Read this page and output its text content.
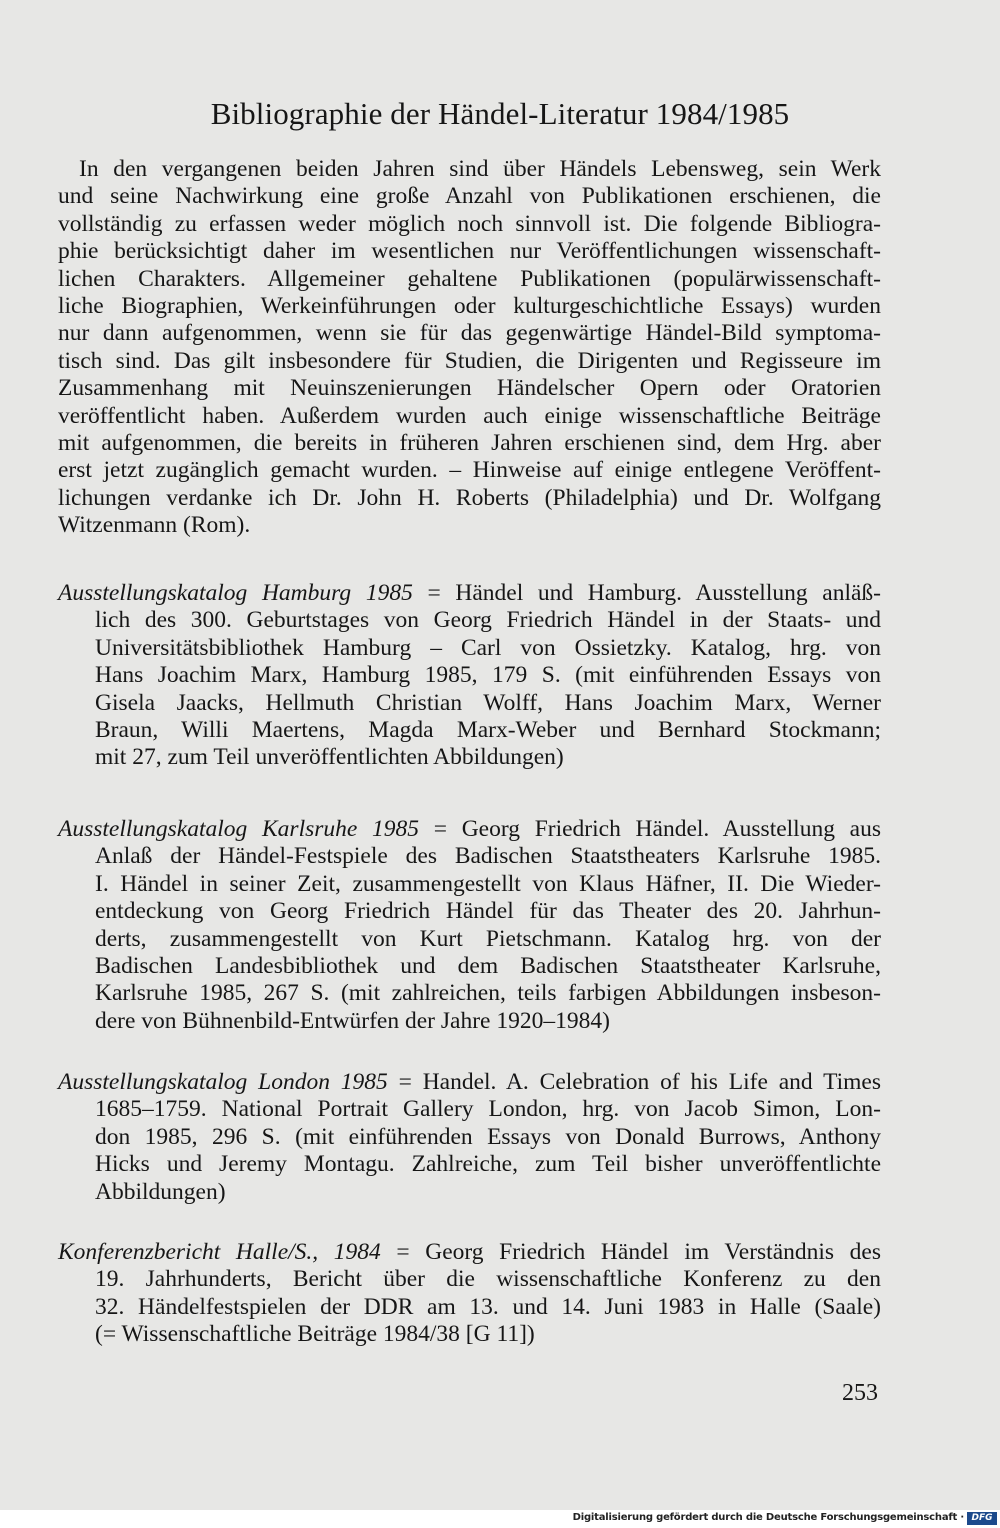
Bibliographie der Händel-Literatur 1984/1985
In den vergangenen beiden Jahren sind über Händels Lebensweg, sein Werk
und seine Nachwirkung eine große Anzahl von Publikationen erschienen, die
vollständig zu erfassen weder möglich noch sinnvoll ist. Die folgende Bibliogra-
phie berücksichtigt daher im wesentlichen nur Veröffentlichungen wissenschaft-
lichen Charakters. Allgemeiner gehaltene Publikationen (populärwissenschaft-
liche Biographien, Werkeinführungen oder kulturgeschichtliche Essays) wurden
nur dann aufgenommen, wenn sie für das gegenwärtige Händel-Bild symptoma-
tisch sind. Das gilt insbesondere für Studien, die Dirigenten und Regisseure im
Zusammenhang mit Neuinszenierungen Händelscher Opern oder Oratorien
veröffentlicht haben. Außerdem wurden auch einige wissenschaftliche Beiträge
mit aufgenommen, die bereits in früheren Jahren erschienen sind, dem Hrg. aber
erst jetzt zugänglich gemacht wurden. – Hinweise auf einige entlegene Veröffent-
lichungen verdanke ich Dr. John H. Roberts (Philadelphia) und Dr. Wolfgang
Witzenmann (Rom).
Ausstellungskatalog Hamburg 1985 = Händel und Hamburg. Ausstellung anläß-
lich des 300. Geburtstages von Georg Friedrich Händel in der Staats- und
Universitätsbibliothek Hamburg – Carl von Ossietzky. Katalog, hrg. von
Hans Joachim Marx, Hamburg 1985, 179 S. (mit einführenden Essays von
Gisela Jaacks, Hellmuth Christian Wolff, Hans Joachim Marx, Werner
Braun, Willi Maertens, Magda Marx-Weber und Bernhard Stockmann;
mit 27, zum Teil unveröffentlichten Abbildungen)
Ausstellungskatalog Karlsruhe 1985 = Georg Friedrich Händel. Ausstellung aus
Anlaß der Händel-Festspiele des Badischen Staatstheaters Karlsruhe 1985.
I. Händel in seiner Zeit, zusammengestellt von Klaus Häfner, II. Die Wieder-
entdeckung von Georg Friedrich Händel für das Theater des 20. Jahrhun-
derts, zusammengestellt von Kurt Pietschmann. Katalog hrg. von der
Badischen Landesbibliothek und dem Badischen Staatstheater Karlsruhe,
Karlsruhe 1985, 267 S. (mit zahlreichen, teils farbigen Abbildungen insbeson-
dere von Bühnenbild-Entwürfen der Jahre 1920–1984)
Ausstellungskatalog London 1985 = Handel. A. Celebration of his Life and Times
1685–1759. National Portrait Gallery London, hrg. von Jacob Simon, Lon-
don 1985, 296 S. (mit einführenden Essays von Donald Burrows, Anthony
Hicks und Jeremy Montagu. Zahlreiche, zum Teil bisher unveröffentlichte
Abbildungen)
Konferenzbericht Halle/S., 1984 = Georg Friedrich Händel im Verständnis des
19. Jahrhunderts, Bericht über die wissenschaftliche Konferenz zu den
32. Händelfestspielen der DDR am 13. und 14. Juni 1983 in Halle (Saale)
(= Wissenschaftliche Beiträge 1984/38 [G 11])
253
Digitalisierung gefördert durch die Deutsche Forschungsgemeinschaft · DFG
